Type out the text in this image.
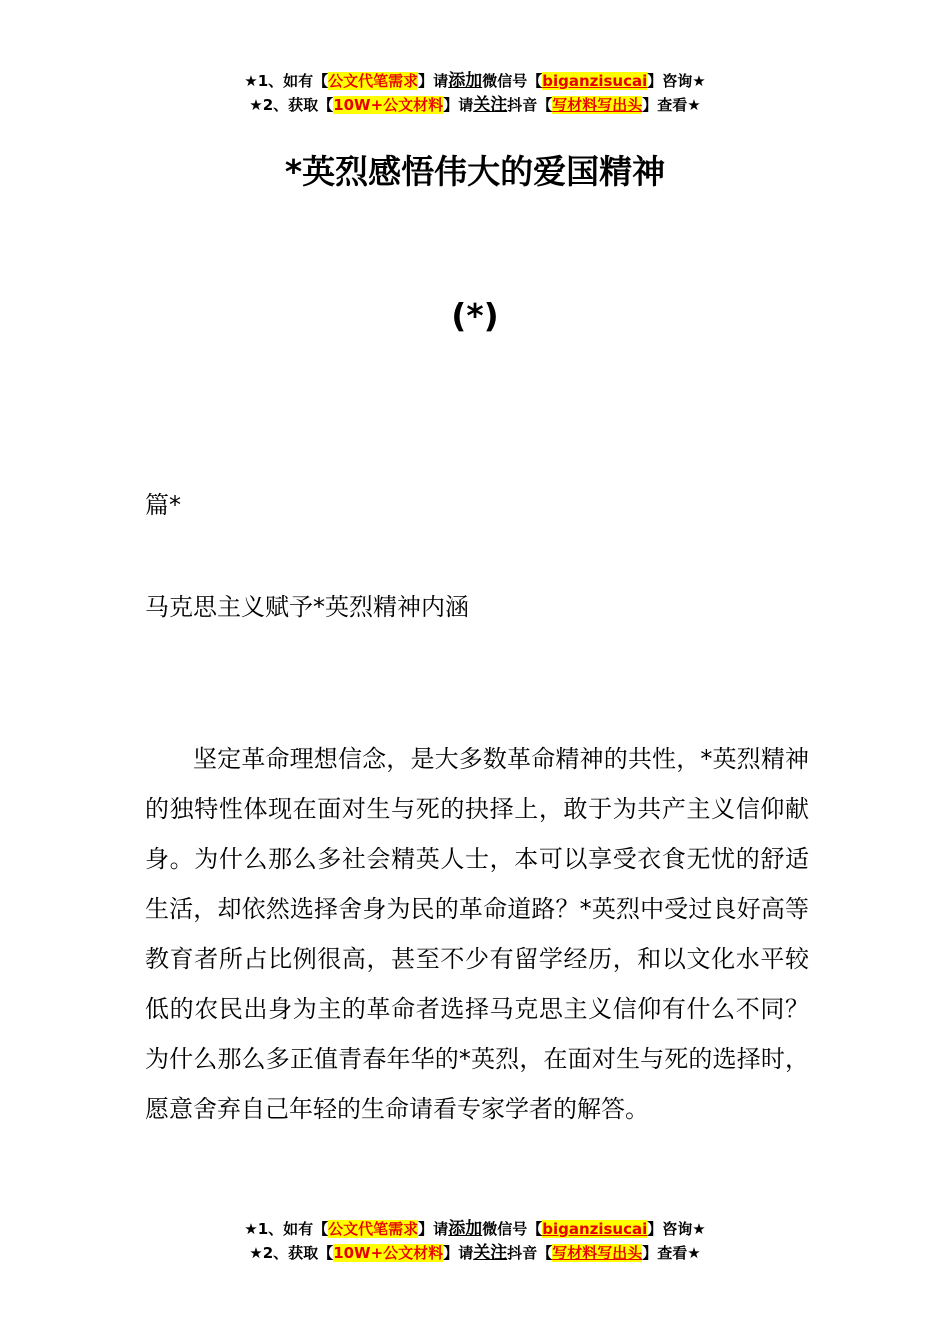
★1、如有【公文代笔需求】请添加微信号【biganzisucai】咨询★
★2、获取【10W+公文材料】请关注抖音【写材料写出头】查看★
*英烈感悟伟大的爱国精神
(*)
篇*
马克思主义赋予*英烈精神内涵
坚定革命理想信念，是大多数革命精神的共性，*英烈精神的独特性体现在面对生与死的抉择上，敢于为共产主义信仰献身。为什么那么多社会精英人士，本可以享受衣食无忧的舒适生活，却依然选择舍身为民的革命道路？*英烈中受过良好高等教育者所占比例很高，甚至不少有留学经历，和以文化水平较低的农民出身为主的革命者选择马克思主义信仰有什么不同？为什么那么多正值青春年华的*英烈，在面对生与死的选择时，愿意舍弃自己年轻的生命请看专家学者的解答。
★1、如有【公文代笔需求】请添加微信号【biganzisucai】咨询★
★2、获取【10W+公文材料】请关注抖音【写材料写出头】查看★
